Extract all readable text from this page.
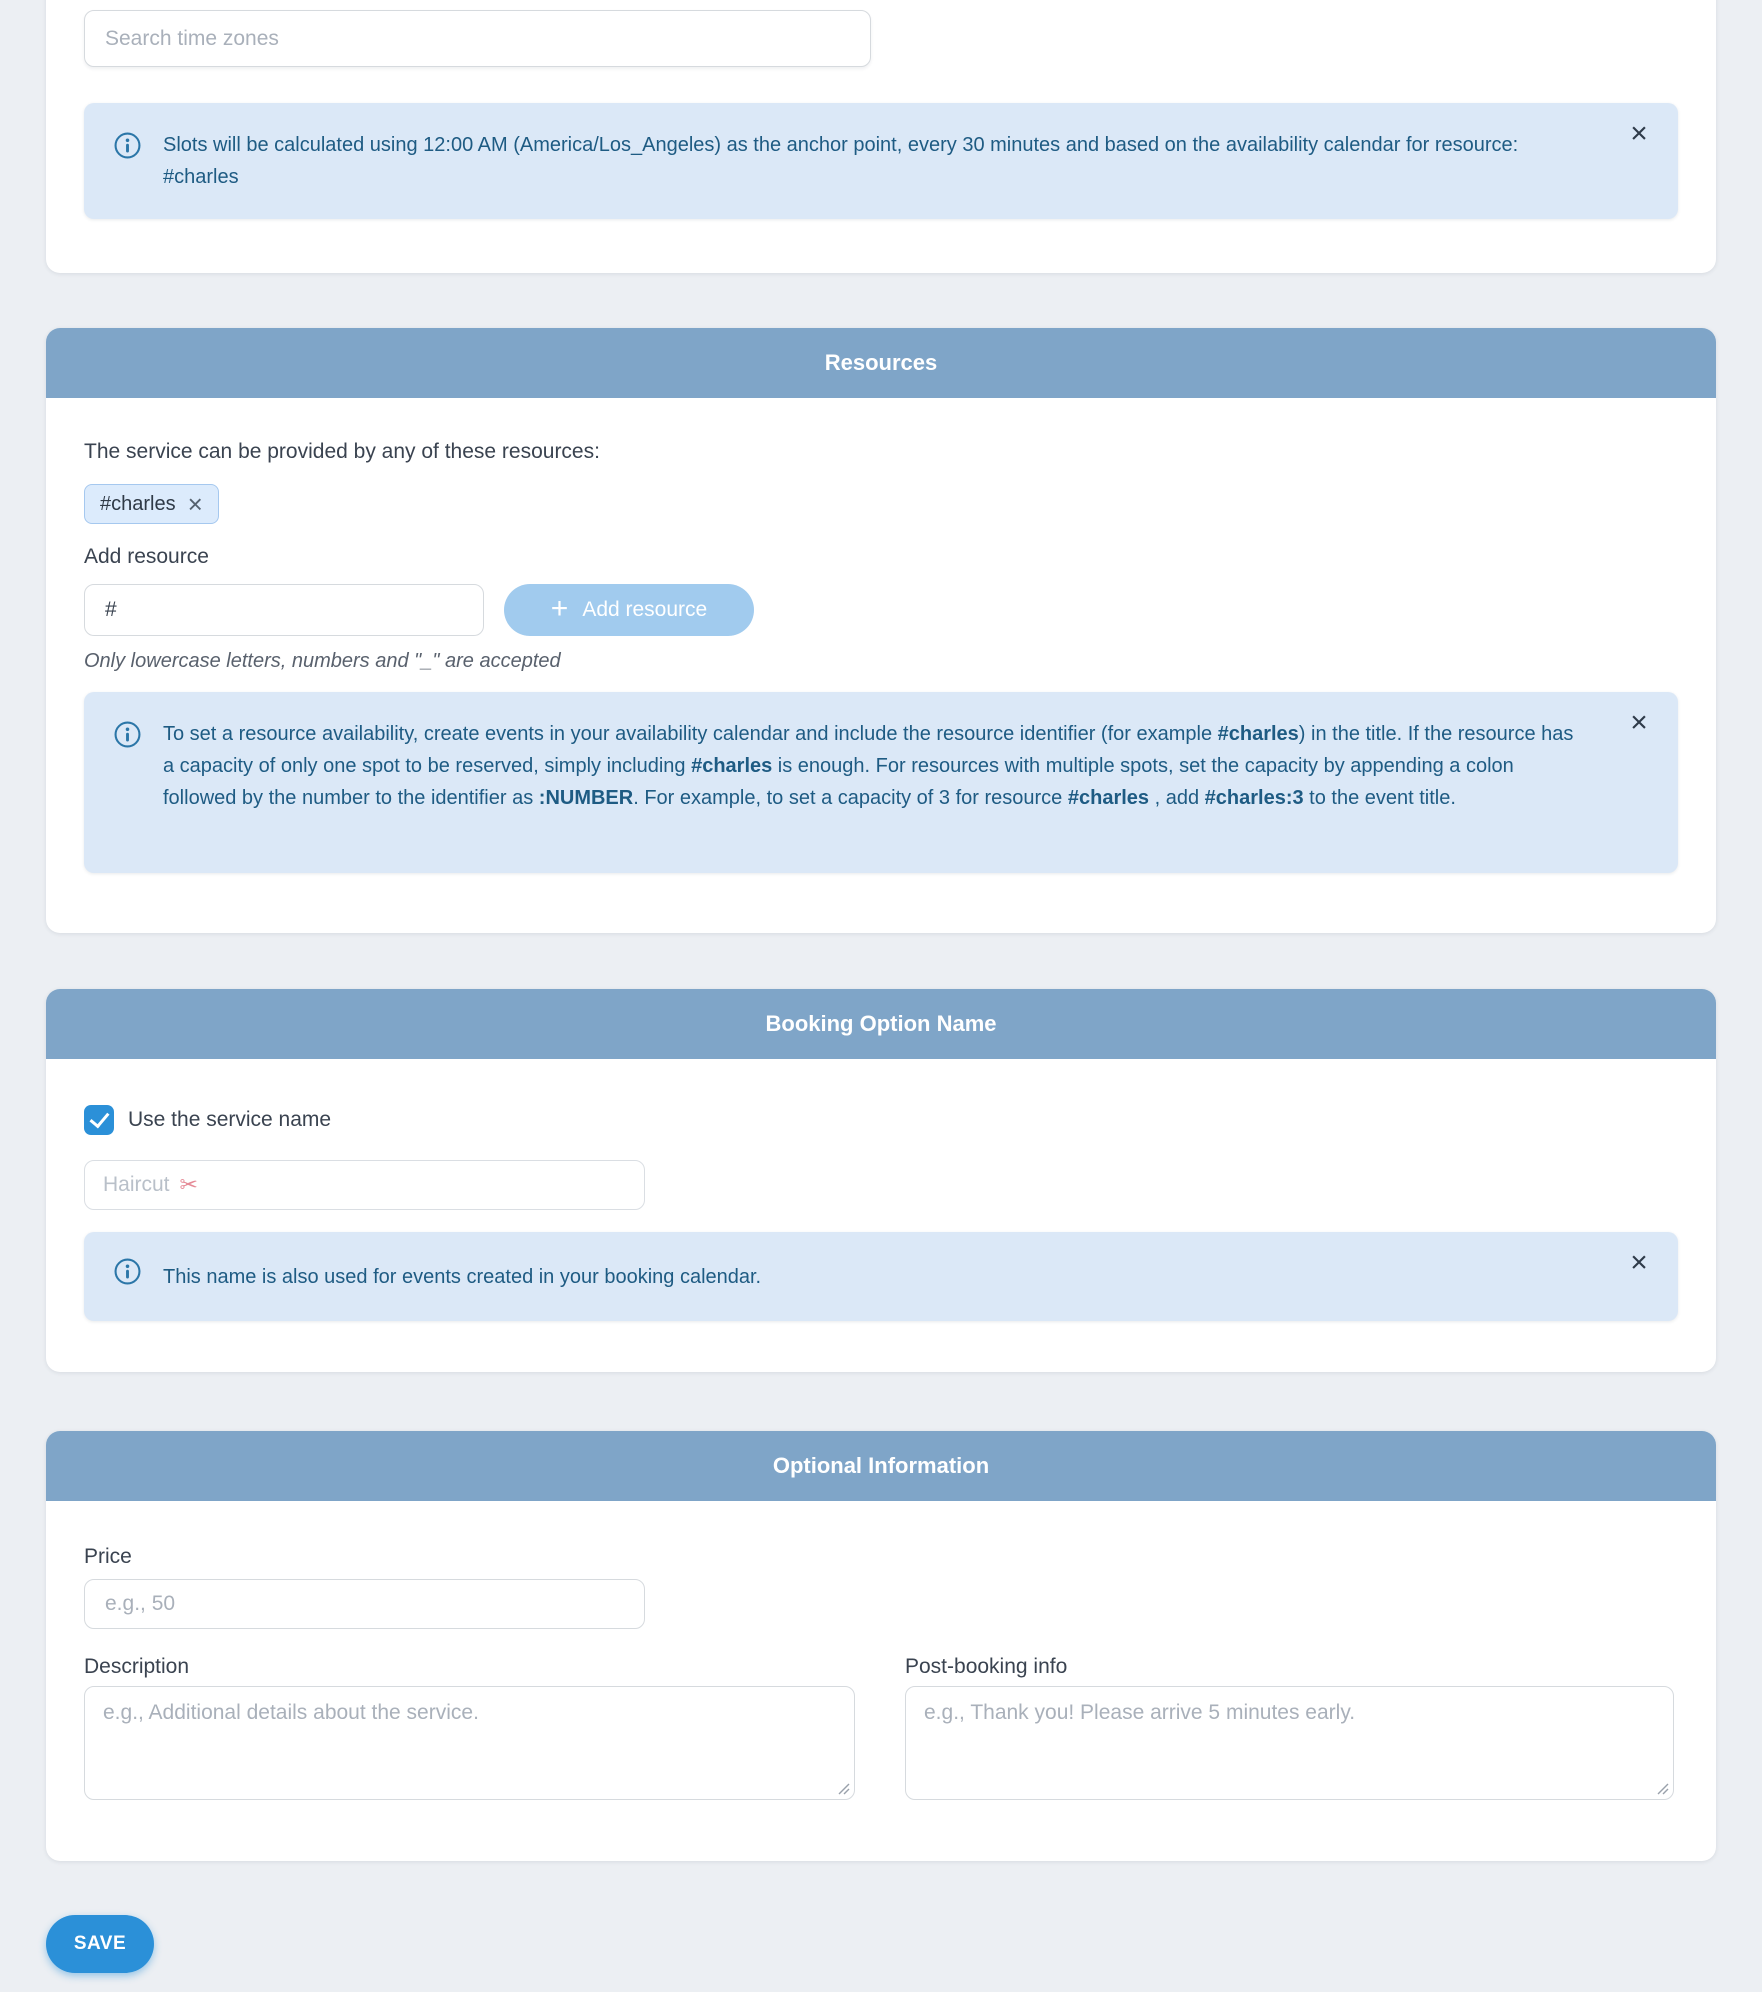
Search time zones
Slots will be calculated using 12:00 AM (America/Los_Angeles) as the anchor point, every 30 minutes and based on the availability calendar for resource: #charles
×
Resources
The service can be provided by any of these resources:
#charles ×
Add resource
#
+ Add resource
Only lowercase letters, numbers and "_" are accepted
To set a resource availability, create events in your availability calendar and include the resource identifier (for example #charles) in the title. If the resource has a capacity of only one spot to be reserved, simply including #charles is enough. For resources with multiple spots, set the capacity by appending a colon followed by the number to the identifier as :NUMBER. For example, to set a capacity of 3 for resource #charles , add #charles:3 to the event title.
×
Booking Option Name
Use the service name
Haircut ✂
This name is also used for events created in your booking calendar.	×
Optional Information
Price
e.g., 50
Description
e.g., Additional details about the service.	Post-booking info
e.g., Thank you! Please arrive 5 minutes early.
SAVE
